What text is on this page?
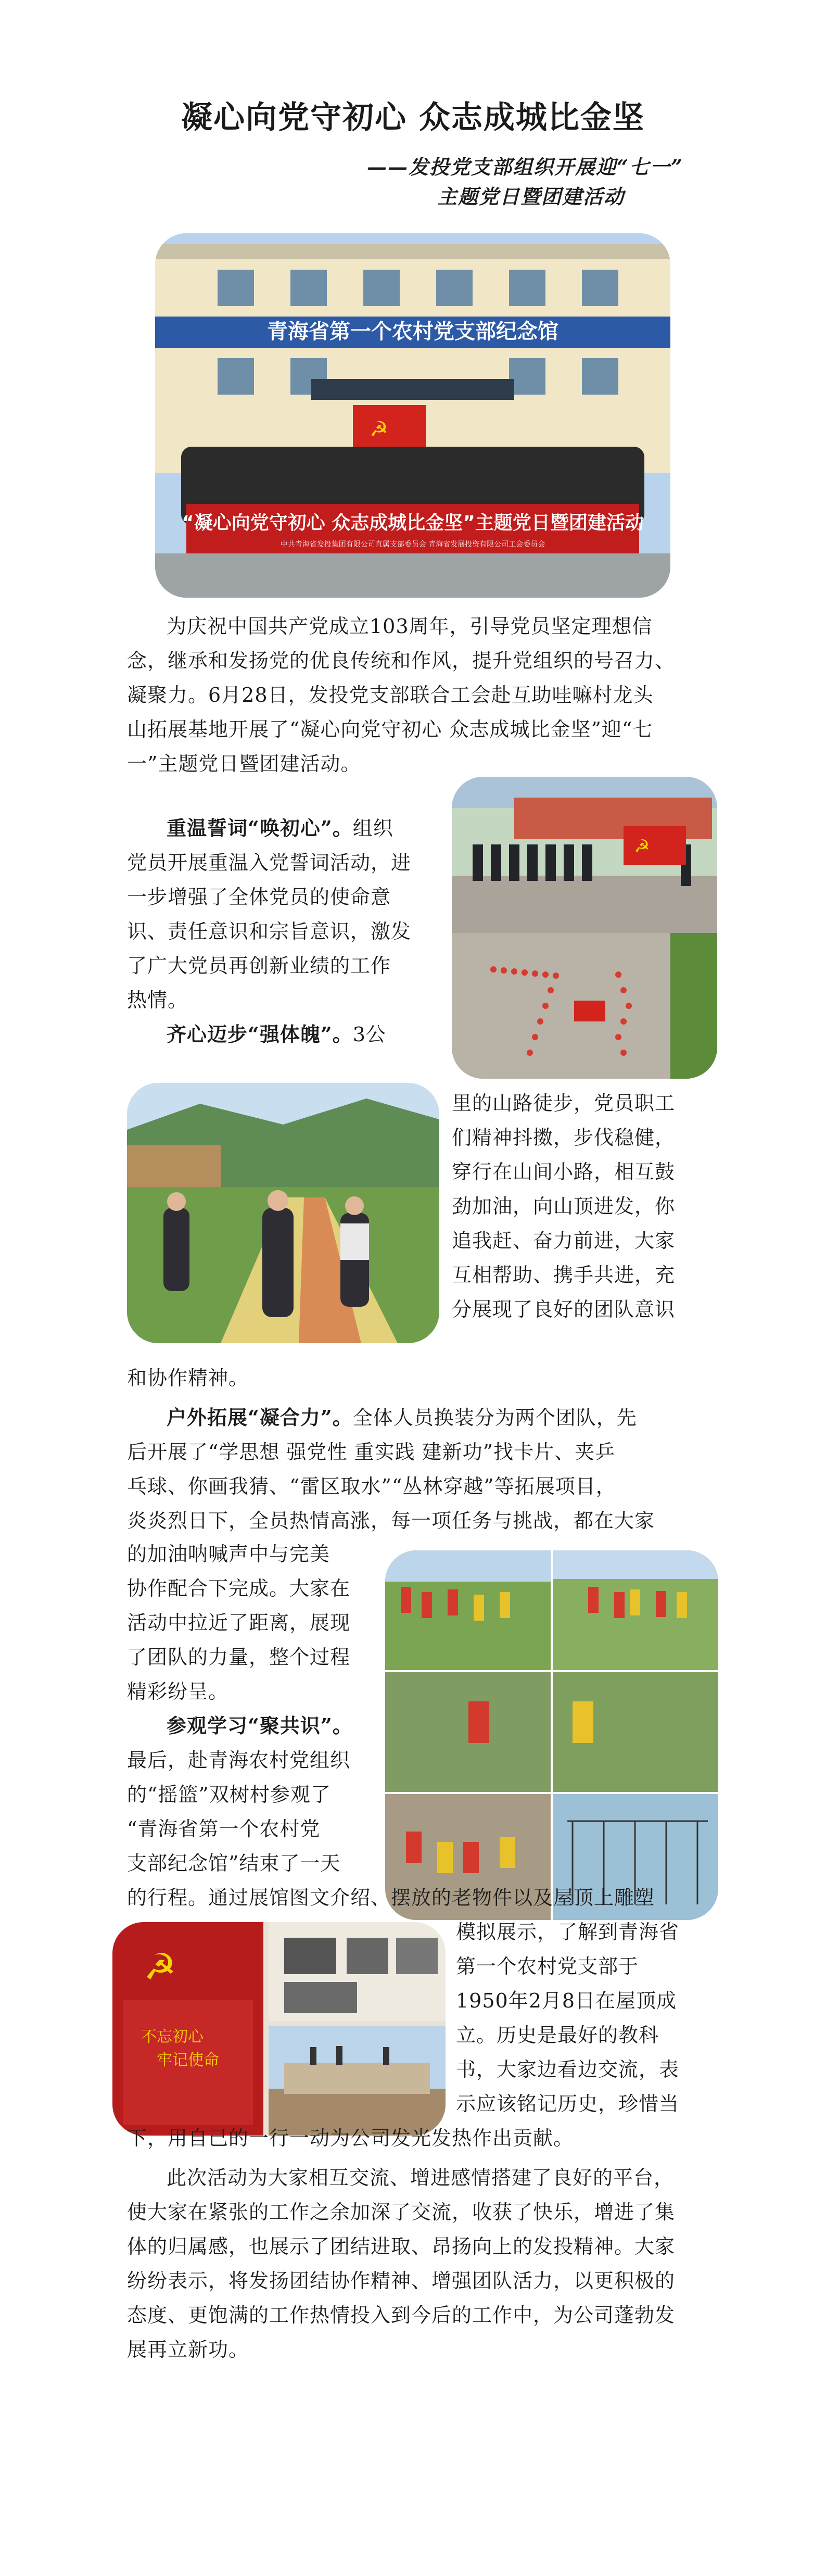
凝心向党守初心 众志成城比金坚

——发投党支部组织开展迎“七一”

主题党日暨团建活动

青海省第一个农村党支部纪念馆
☭
“凝心向党守初心 众志成城比金坚”主题党日暨团建活动
中共青海省发投集团有限公司直属支部委员会 青海省发展投资有限公司工会委员会
为庆祝中国共产党成立103周年，引导党员坚定理想信
念，继承和发扬党的优良传统和作风，提升党组织的号召力、
凝聚力。6月28日，发投党支部联合工会赴互助哇嘛村龙头
山拓展基地开展了“凝心向党守初心 众志成城比金坚”迎“七
一”主题党日暨团建活动。
☭
重温誓词“唤初心”。组织
党员开展重温入党誓词活动，进
一步增强了全体党员的使命意
识、责任意识和宗旨意识，激发
了广大党员再创新业绩的工作
热情。
齐心迈步“强体魄”。3公
里的山路徒步，党员职工
们精神抖擞，步伐稳健，
穿行在山间小路，相互鼓
劲加油，向山顶进发，你
追我赶、奋力前进，大家
互相帮助、携手共进，充
分展现了良好的团队意识
和协作精神。
户外拓展“凝合力”。全体人员换装分为两个团队，先
后开展了“学思想 强党性 重实践 建新功”找卡片、夹乒
乓球、你画我猜、“雷区取水”“丛林穿越”等拓展项目，
炎炎烈日下，全员热情高涨，每一项任务与挑战，都在大家
的加油呐喊声中与完美
协作配合下完成。大家在
活动中拉近了距离，展现
了团队的力量，整个过程
精彩纷呈。
参观学习“聚共识”。
最后，赴青海农村党组织
的“摇篮”双树村参观了
“青海省第一个农村党
支部纪念馆”结束了一天
的行程。通过展馆图文介绍、摆放的老物件以及屋顶上雕塑
☭
不忘初心
牢记使命
模拟展示，了解到青海省
第一个农村党支部于
1950年2月8日在屋顶成
立。历史是最好的教科
书，大家边看边交流，表
示应该铭记历史，珍惜当
下，用自己的一行一动为公司发光发热作出贡献。
此次活动为大家相互交流、增进感情搭建了良好的平台，
使大家在紧张的工作之余加深了交流，收获了快乐，增进了集
体的归属感，也展示了团结进取、昂扬向上的发投精神。大家
纷纷表示，将发扬团结协作精神、增强团队活力，以更积极的
态度、更饱满的工作热情投入到今后的工作中，为公司蓬勃发
展再立新功。
